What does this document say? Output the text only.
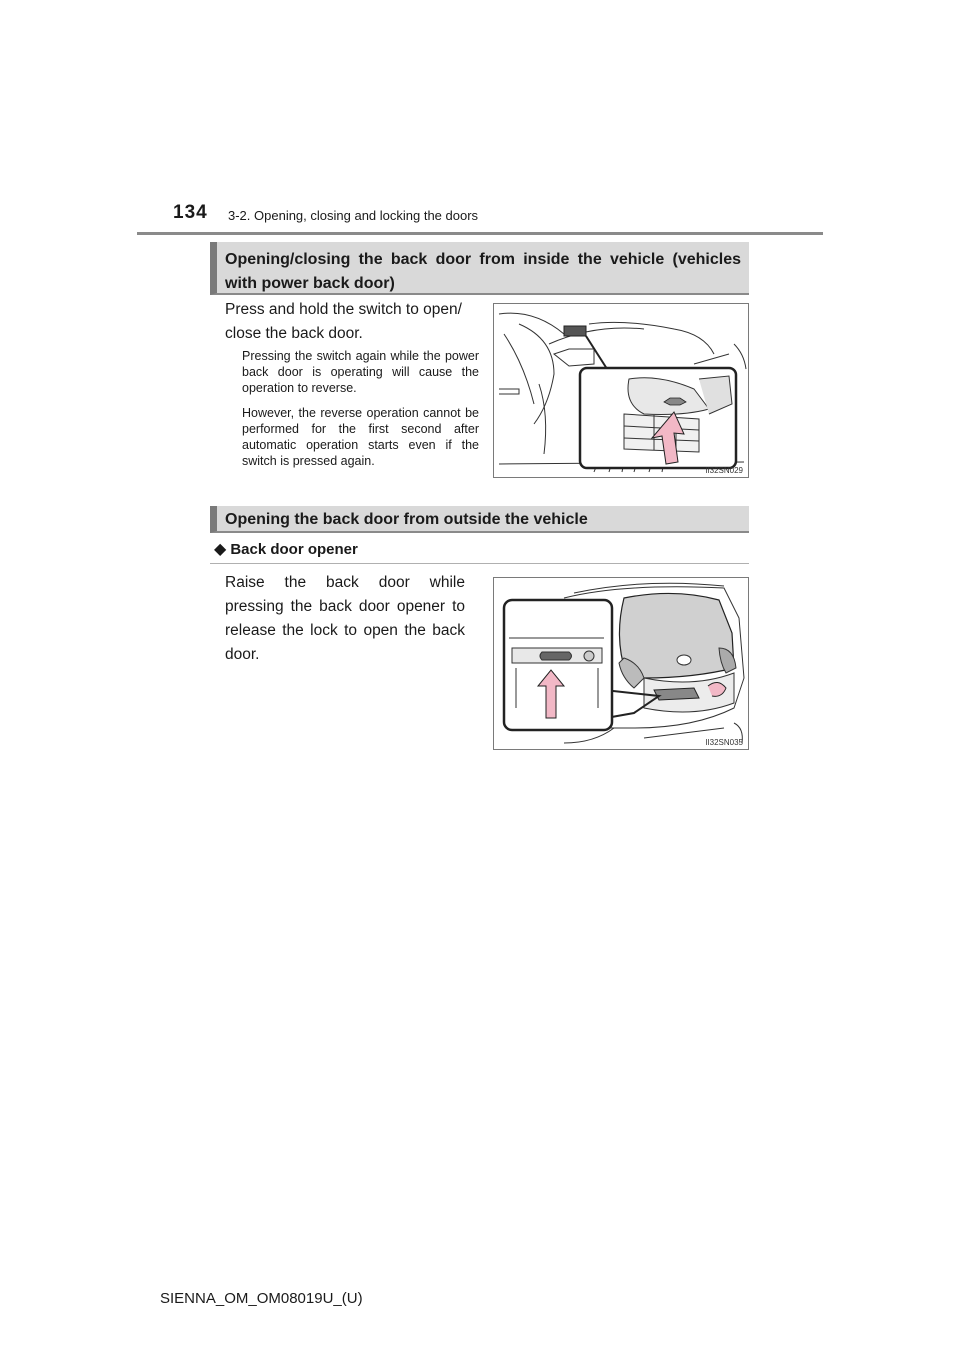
134 3-2. Opening, closing and locking the doors
Opening/closing the back door from inside the vehicle (vehicles with power back door)
Press and hold the switch to open/ close the back door.
Pressing the switch again while the power back door is operating will cause the operation to reverse.
However, the reverse operation cannot be performed for the first second after automatic operation starts even if the switch is pressed again.
II32SN029
Opening the back door from outside the vehicle
◆ Back door opener
Raise the back door while pressing the back door opener to release the lock to open the back door.
II32SN035
SIENNA_OM_OM08019U_(U)
